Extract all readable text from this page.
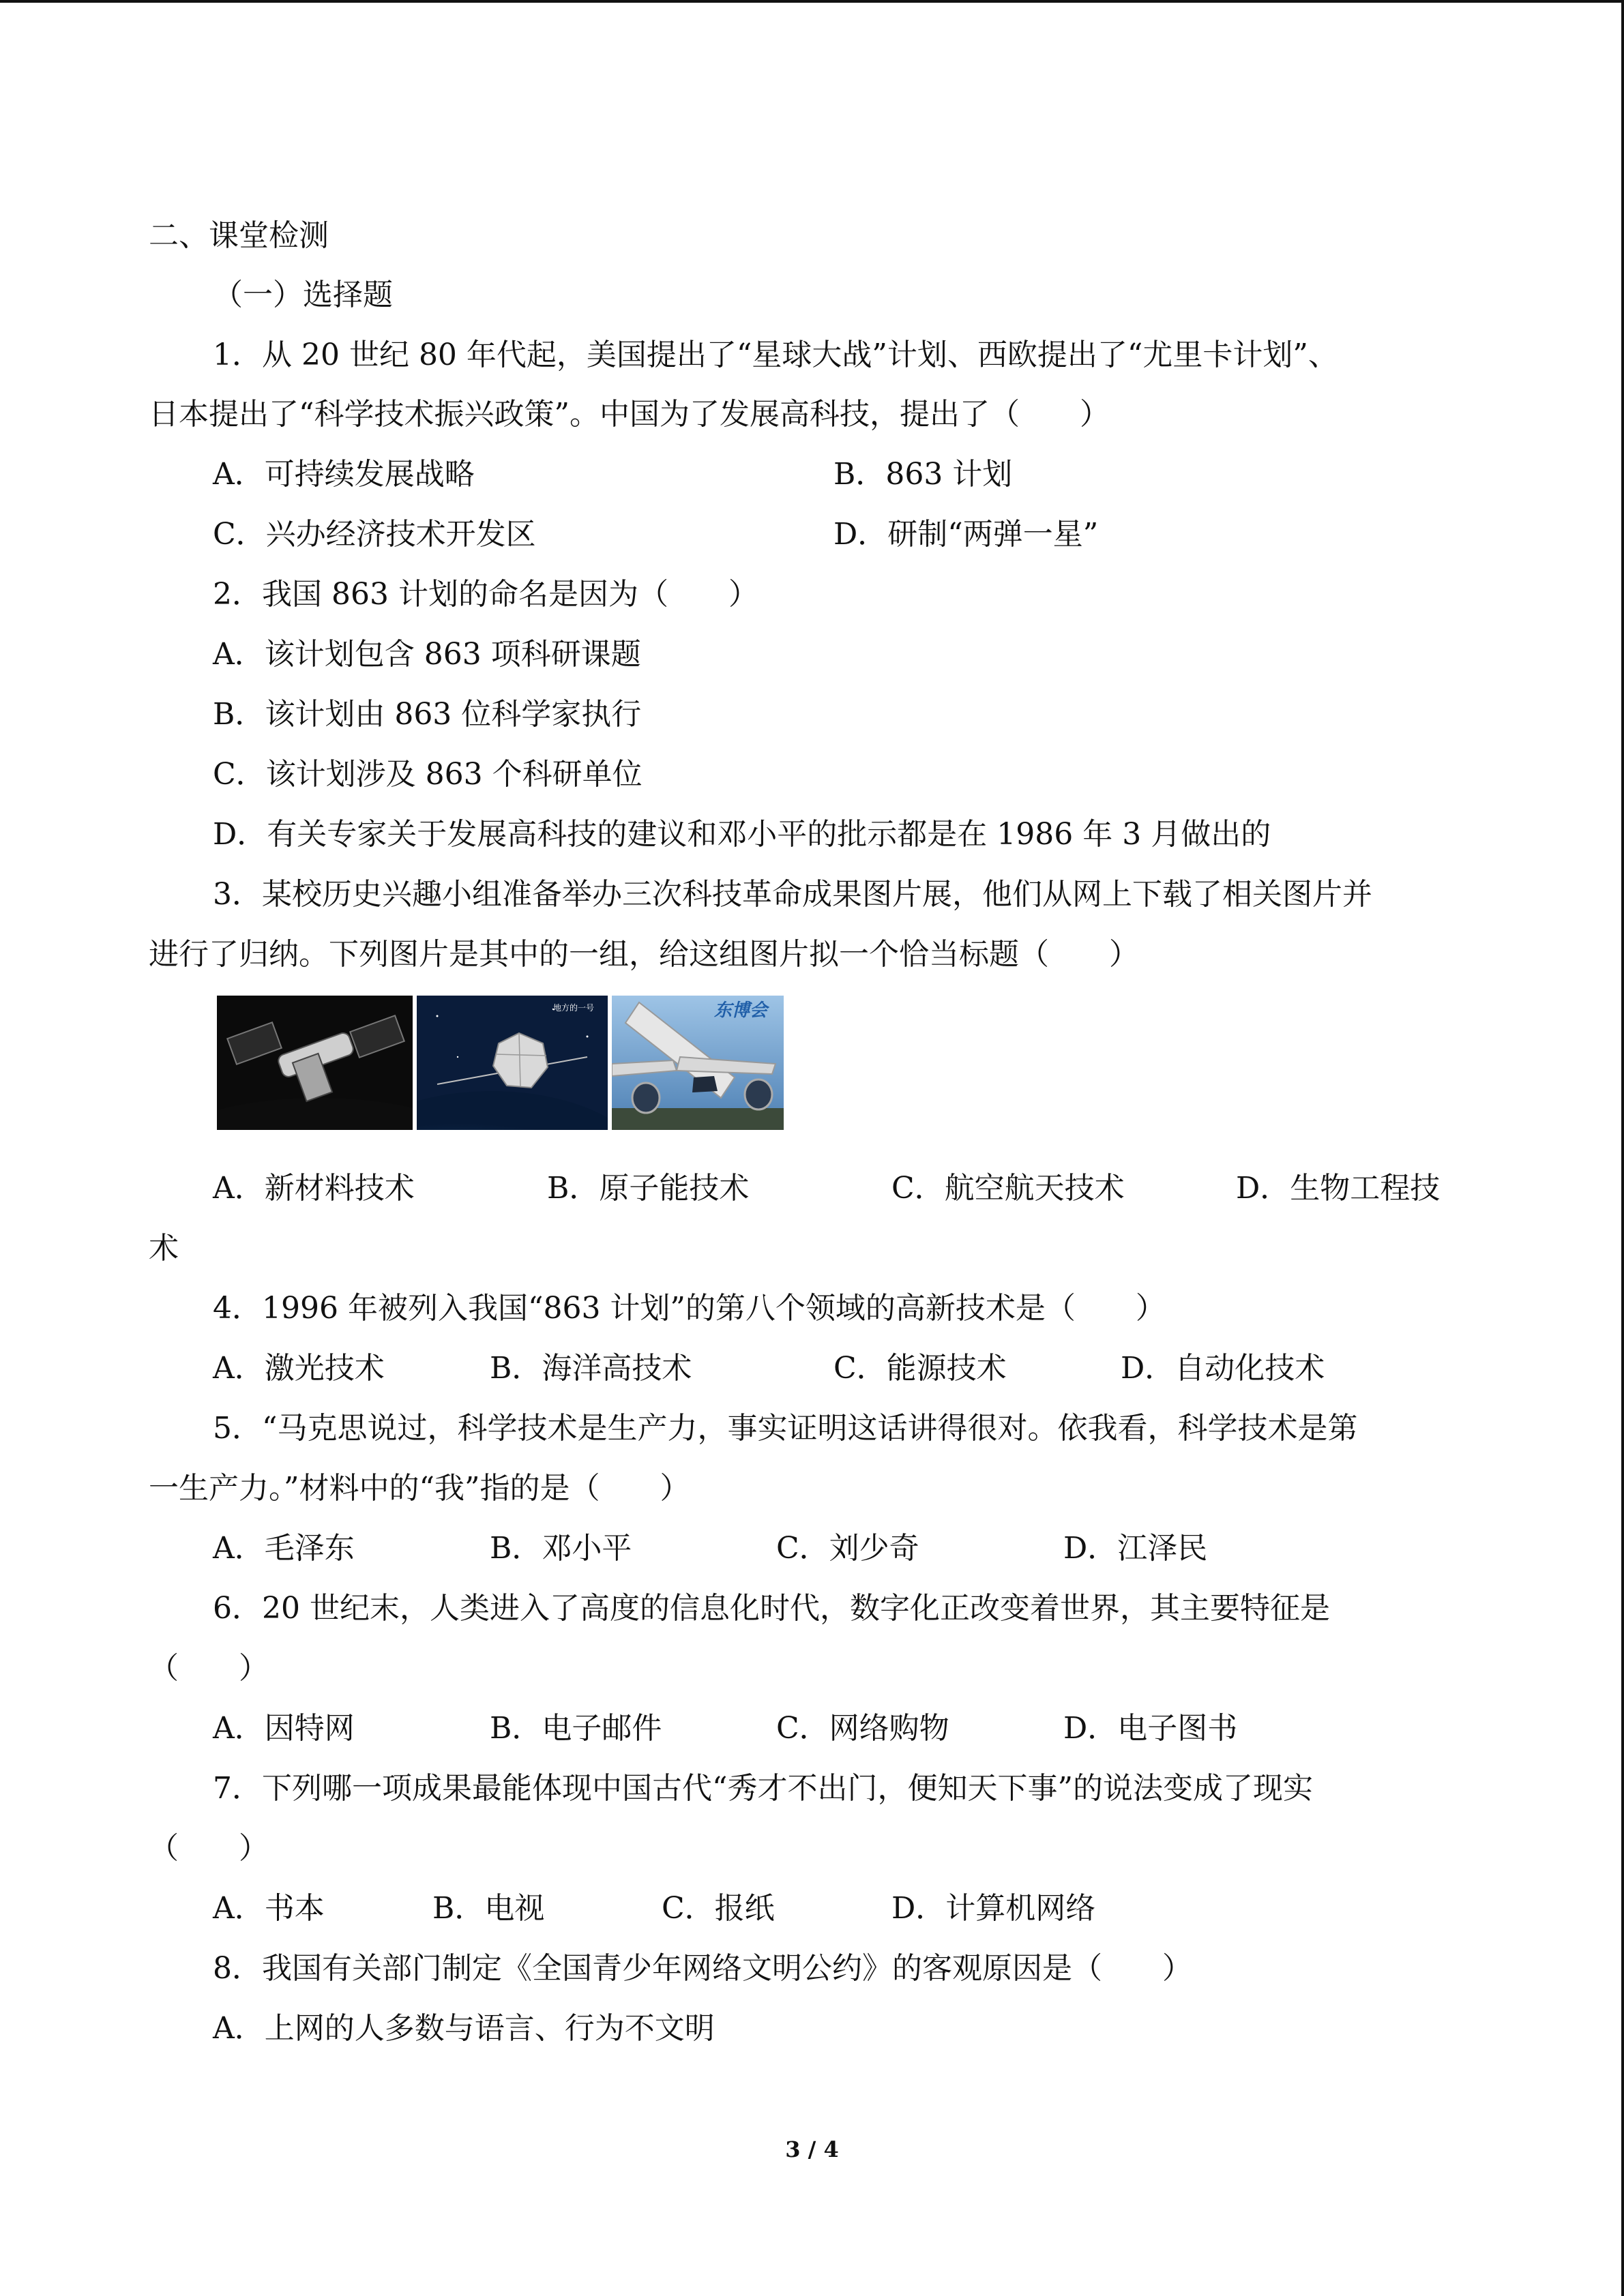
二、课堂检测
（一）选择题
1．从 20 世纪 80 年代起，美国提出了“星球大战”计划、西欧提出了“尤里卡计划”、
日本提出了“科学技术振兴政策”。中国为了发展高科技，提出了（　　）
A．可持续发展战略	B．863 计划
C．兴办经济技术开发区	D．研制“两弹一星”
2．我国 863 计划的命名是因为（　　）
A．该计划包含 863 项科研课题
B．该计划由 863 位科学家执行
C．该计划涉及 863 个科研单位
D．有关专家关于发展高科技的建议和邓小平的批示都是在 1986 年 3 月做出的
3．某校历史兴趣小组准备举办三次科技革命成果图片展，他们从网上下载了相关图片并
进行了归纳。下列图片是其中的一组，给这组图片拟一个恰当标题（　　）
地方的一号	东博会
A．新材料技术	B．原子能技术	C．航空航天技术	D．生物工程技
术
4．1996 年被列入我国“863 计划”的第八个领域的高新技术是（　　）
A．激光技术	B．海洋高技术	C．能源技术	D．自动化技术
5．“马克思说过，科学技术是生产力，事实证明这话讲得很对。依我看，科学技术是第
一生产力。”材料中的“我”指的是（　　）
A．毛泽东	B．邓小平	C．刘少奇	D．江泽民
6．20 世纪末，人类进入了高度的信息化时代，数字化正改变着世界，其主要特征是
（　　）
A．因特网	B．电子邮件	C．网络购物	D．电子图书
7．下列哪一项成果最能体现中国古代“秀才不出门，便知天下事”的说法变成了现实
（　　）
A．书本	B．电视	C．报纸	D．计算机网络
8．我国有关部门制定《全国青少年网络文明公约》的客观原因是（　　）
A．上网的人多数与语言、行为不文明
3 / 4
